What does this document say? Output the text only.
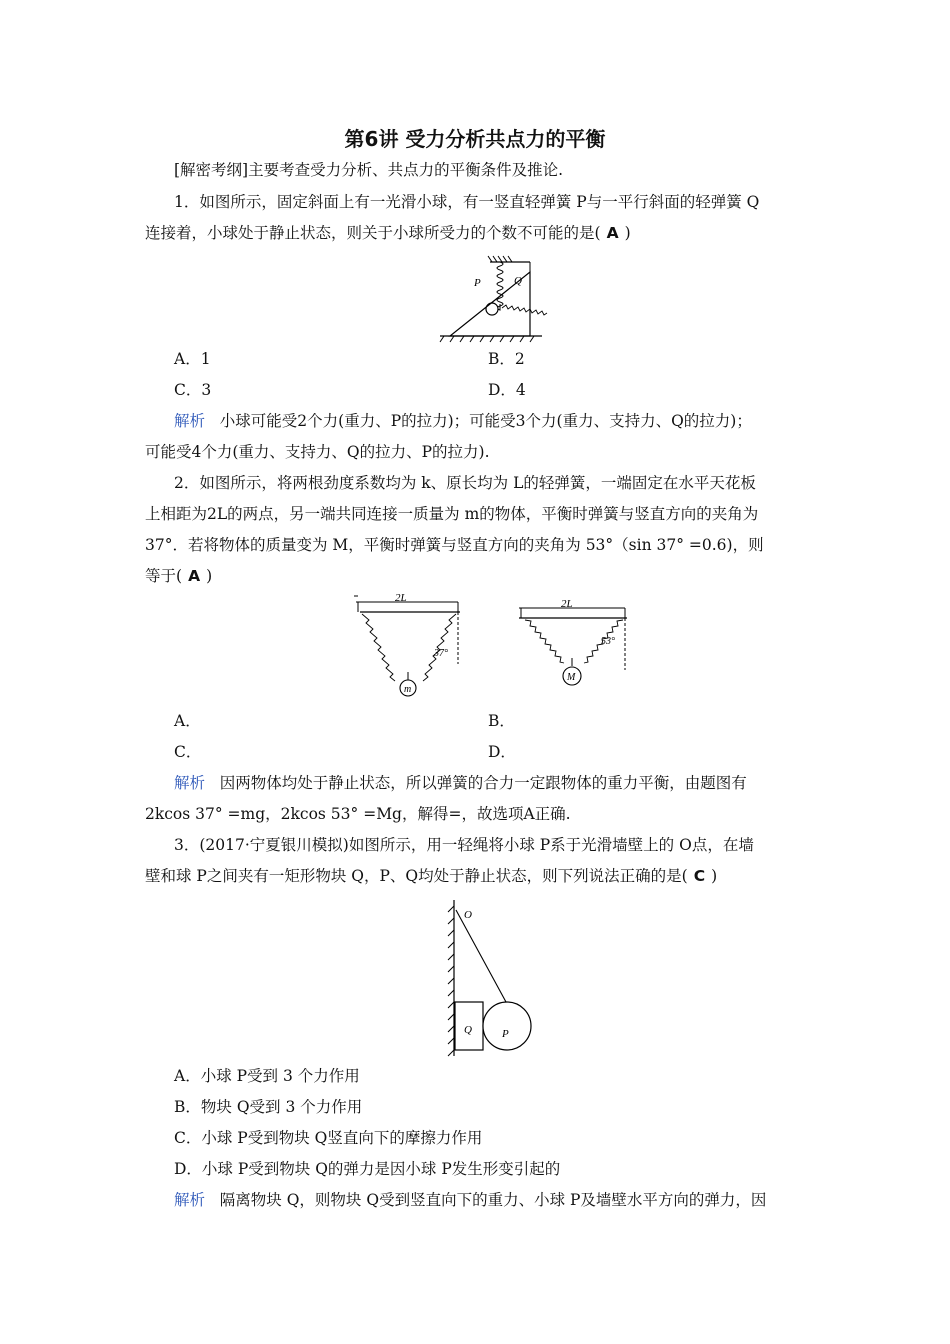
第6讲 受力分析共点力的平衡
[解密考纲]主要考查受力分析、共点力的平衡条件及推论.
1．如图所示，固定斜面上有一光滑小球，有一竖直轻弹簧 P与一平行斜面的轻弹簧 Q
连接着，小球处于静止状态，则关于小球所受力的个数不可能的是( A )
P	Q
A．1	B．2
C．3	D．4
解析 小球可能受2个力(重力、P的拉力)；可能受3个力(重力、支持力、Q的拉力)；
可能受4个力(重力、支持力、Q的拉力、P的拉力).
2．如图所示，将两根劲度系数均为 k、原长均为 L的轻弹簧，一端固定在水平天花板
上相距为2L的两点，另一端共同连接一质量为 m的物体，平衡时弹簧与竖直方向的夹角为
37°．若将物体的质量变为 M，平衡时弹簧与竖直方向的夹角为 53°（sin 37° =0.6)，则
等于( A )
2L
37°
m
2L
53°
M
A．	B．
C．	D．
解析 因两物体均处于静止状态，所以弹簧的合力一定跟物体的重力平衡，由题图有
2kcos 37° =mg，2kcos 53° =Mg，解得=，故选项A正确.
3．(2017·宁夏银川模拟)如图所示，用一轻绳将小球 P系于光滑墙壁上的 O点，在墙
壁和球 P之间夹有一矩形物块 Q，P、Q均处于静止状态，则下列说法正确的是( C )
O
Q	P
A．小球 P受到 3 个力作用
B．物块 Q受到 3 个力作用
C．小球 P受到物块 Q竖直向下的摩擦力作用
D．小球 P受到物块 Q的弹力是因小球 P发生形变引起的
解析 隔离物块 Q，则物块 Q受到竖直向下的重力、小球 P及墙壁水平方向的弹力，因
